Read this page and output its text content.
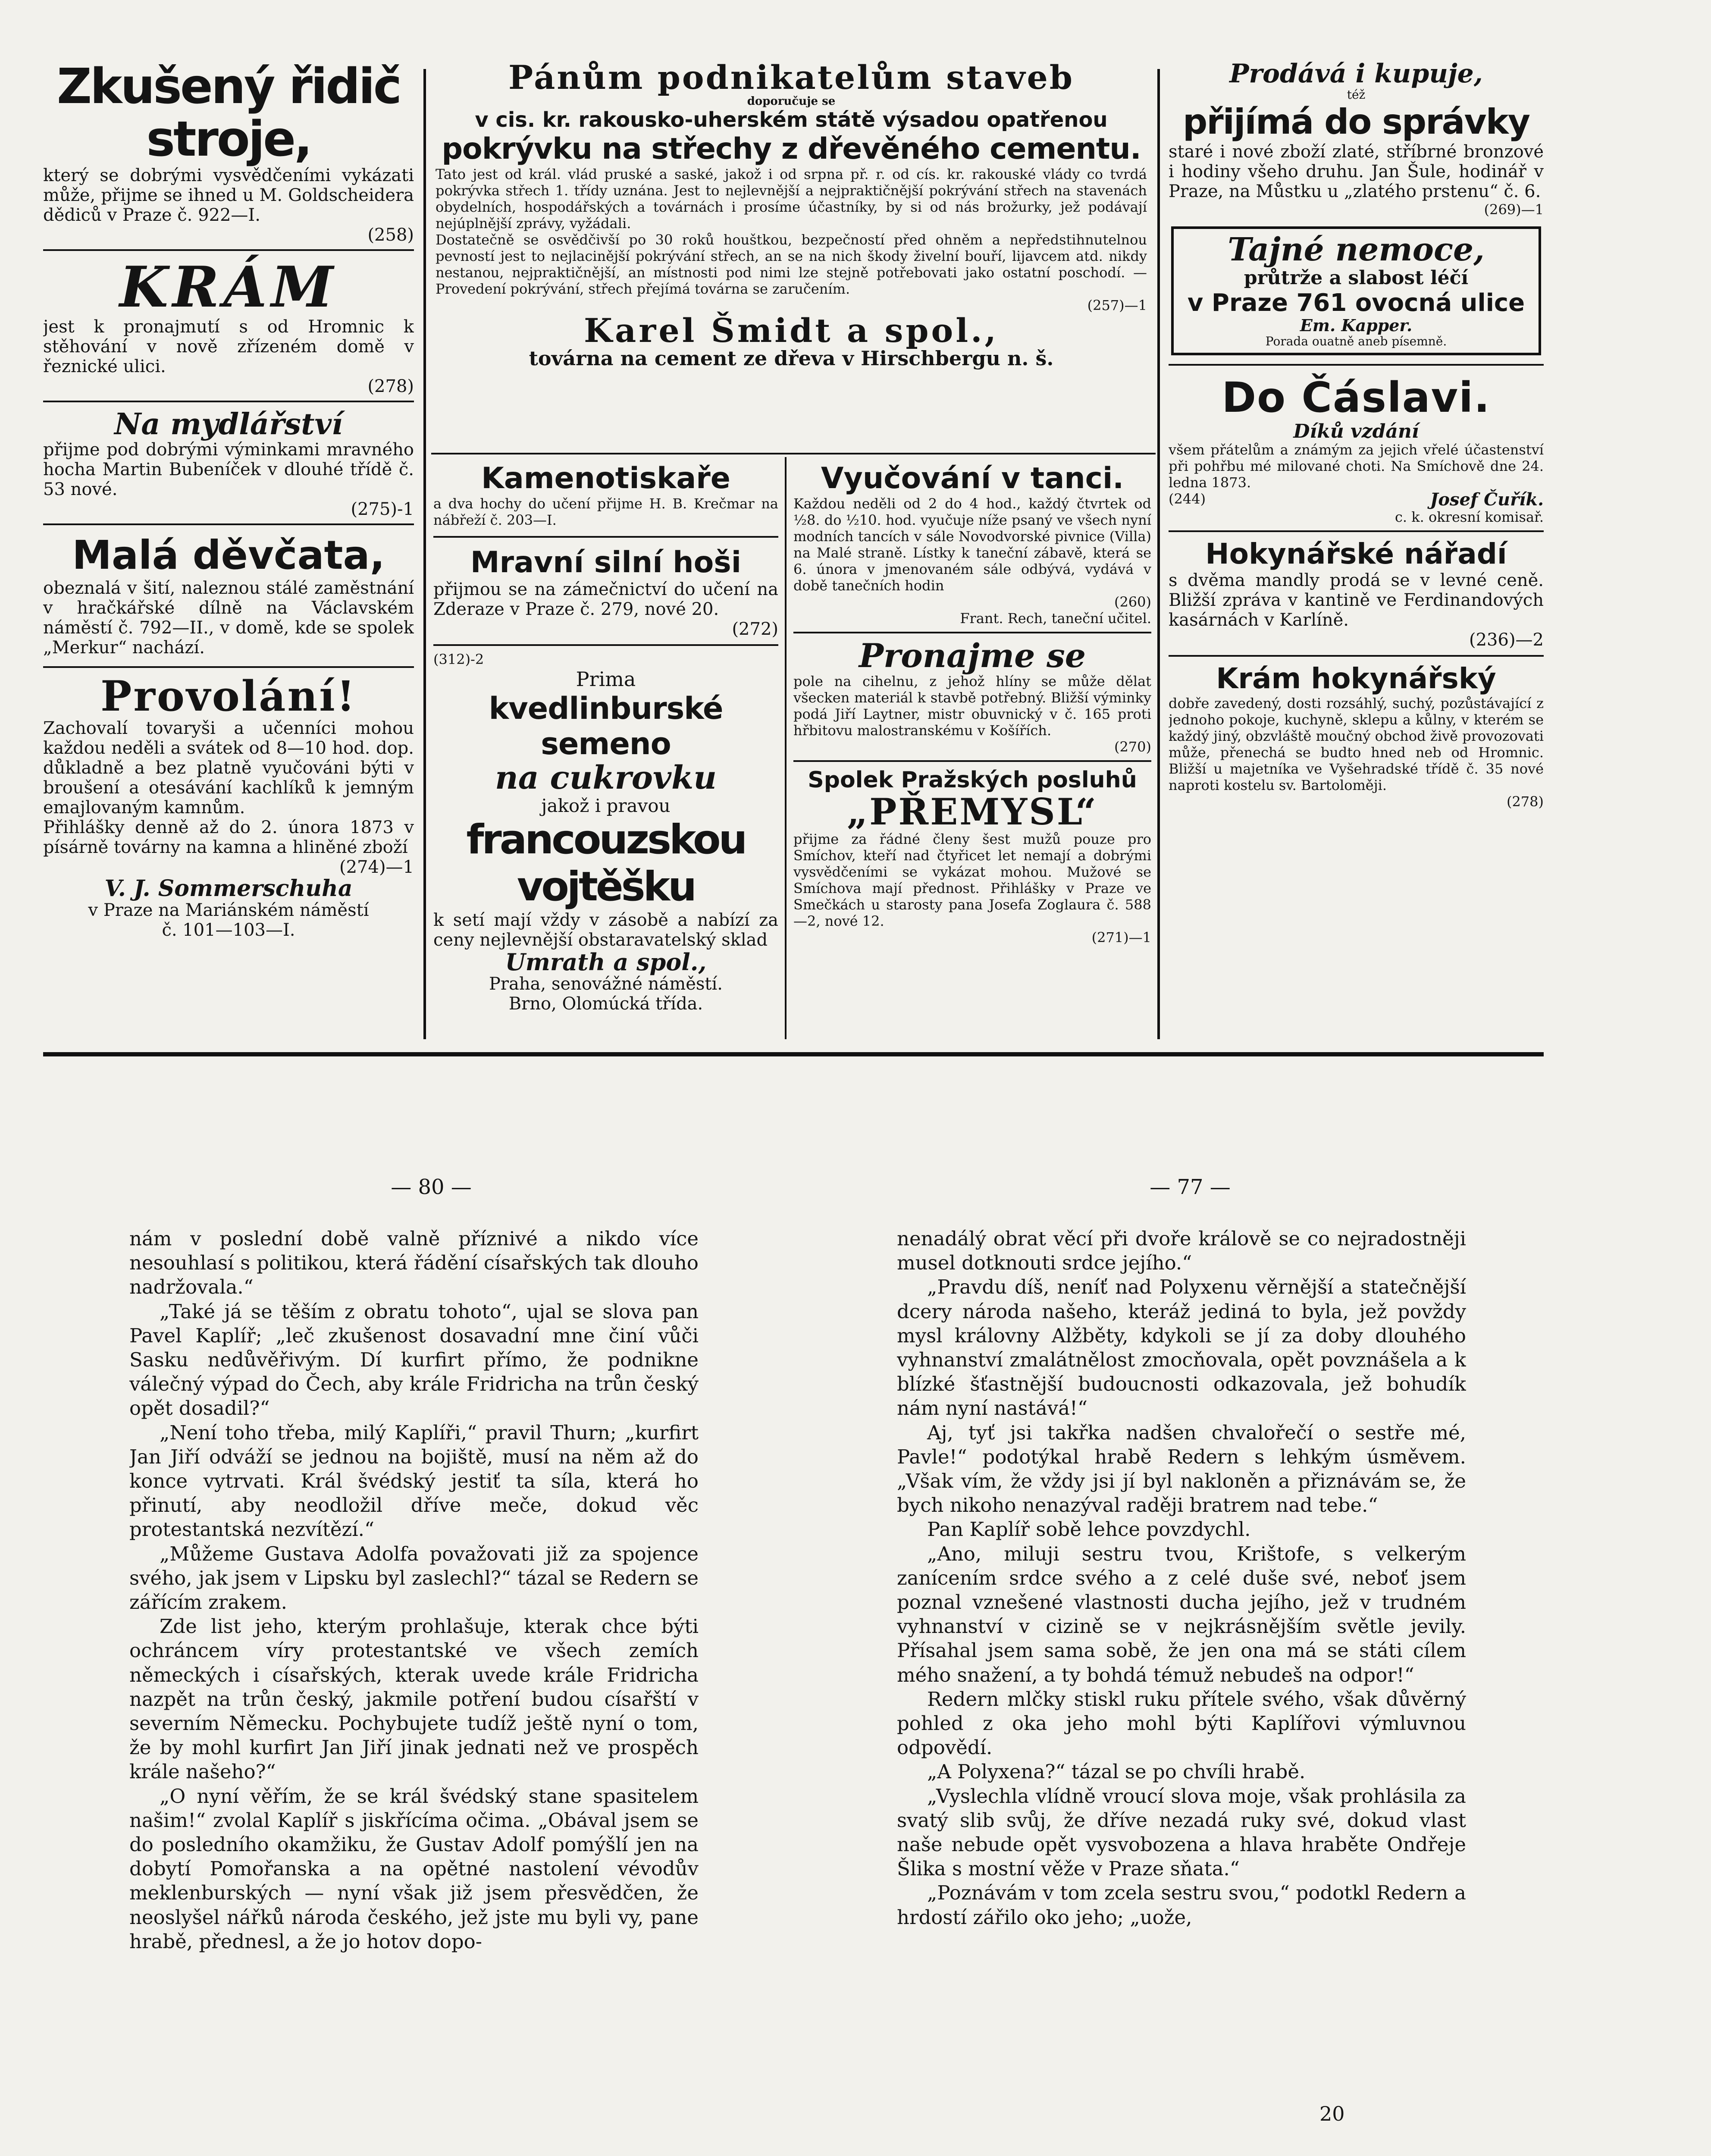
Zkušený řidič stroje,

který se dobrými vysvědčeními vykázati může, přijme se ihned u M. Goldscheidera dědiců v Praze č. 922—I.

(258)

KRÁM

jest k pronajmutí s od Hromnic k stěhování v nově zřízeném domě v řeznické ulici.

(278)

Na mydlářství

přijme pod dobrými výminkami mravného hocha Martin Bubeníček v dlouhé třídě č. 53 nové.

(275)-1

Malá děvčata,

obeznalá v šití, naleznou stálé zaměstnání v hračkářské dílně na Václavském náměstí č. 792—II., v domě, kde se spolek „Merkur“ nachází.

Provolání!

Zachovalí tovaryši a učenníci mohou každou neděli a svátek od 8—10 hod. dop. důkladně a bez platně vyučováni býti v broušení a otesávání kachlíků k jemným emajlovaným kamnům.

Přihlášky denně až do 2. února 1873 v písárně továrny na kamna a hliněné zboží

(274)—1

V. J. Sommerschuha

v Praze na Mariánském náměstí

č. 101—103—I.

Pánům podnikatelům staveb
doporučuje se
v cis. kr. rakousko-uherském státě výsadou opatřenou
pokrývku na střechy z dřevěného cementu.

Tato jest od král. vlád pruské a saské, jakož i od srpna př. r. od cís. kr. rakouské vlády co tvrdá pokrývka střech 1. třídy uznána. Jest to nejlevnější a nejpraktičnější pokrývání střech na stavenách obydelních, hospodářských a továrnách i prosíme účastníky, by si od nás brožurky, jež podávají nejúplnější zprávy, vyžádali.

Dostatečně se osvědčivší po 30 roků houštkou, bezpečností před ohněm a nepředstihnutelnou pevností jest to nejlacinější pokrývání střech, an se na nich škody živelní bouří, lijavcem atd. nikdy nestanou, nejpraktičnější, an místnosti pod nimi lze stejně potřebovati jako ostatní poschodí. — Provedení pokrývání, střech přejímá továrna se zaručením.

(257)—1

Karel Šmidt a spol.,
továrna na cement ze dřeva v Hirschbergu n. š.
Kamenotiskaře

a dva hochy do učení přijme H. B. Krečmar na nábřeží č. 203—I.

Mravní silní hoši

přijmou se na zámečnictví do učení na Zderaze v Praze č. 279, nové 20.

(272)

(312)-2

Prima
kvedlinburské semeno
na cukrovku
jakož i pravou
francouzskou vojtěšku

k setí mají vždy v zásobě a nabízí za ceny nejlevnější obstaravatelský sklad

Umrath a spol.,

Praha, senovážné náměstí.

Brno, Olomúcká třída.

Vyučování v tanci.

Každou neděli od 2 do 4 hod., každý čtvrtek od ½8. do ½10. hod. vyučuje níže psaný ve všech nyní modních tancích v sále Novodvorské pivnice (Villa) na Malé straně. Lístky k taneční zábavě, která se 6. února v jmenovaném sále odbývá, vydává v době tanečních hodin

(260)

Frant. Rech, taneční učitel.

Pronajme se

pole na cihelnu, z jehož hlíny se může dělat všecken materiál k stavbě potřebný. Bližší výminky podá Jiří Laytner, mistr obuvnický v č. 165 proti hřbitovu malostranskému v Košířích.

(270)

Spolek Pražských posluhů
„PŘEMYSL“

přijme za řádné členy šest mužů pouze pro Smíchov, kteří nad čtyřicet let nemají a dobrými vysvědčeními se vykázat mohou. Mužové se Smíchova mají přednost. Přihlášky v Praze ve Smečkách u starosty pana Josefa Zoglaura č. 588—2, nové 12.

(271)—1

Prodává i kupuje,
též
přijímá do správky

staré i nové zboží zlaté, stříbrné bronzové i hodiny všeho druhu. Jan Šule, hodinář v Praze, na Můstku u „zlatého prstenu“ č. 6.

(269)—1

Tajné nemoce,
průtrže a slabost léčí
v Praze 761 ovocná ulice
Em. Kapper.
Porada ouatně aneb písemně.
Do Čáslavi.
Díků vzdání

všem přátelům a známým za jejich vřelé účastenství při pohřbu mé milované choti. Na Smíchově dne 24. ledna 1873.

(244)	Josef Čuřík.
c. k. okresní komisař.
Hokynářské nářadí

s dvěma mandly prodá se v levné ceně. Bližší zpráva v kantině ve Ferdinandových kasárnách v Karlíně.

(236)—2

Krám hokynářský

dobře zavedený, dosti rozsáhlý, suchý, pozůstávající z jednoho pokoje, kuchyně, sklepu a kůlny, v kterém se každý jiný, obzvláště moučný obchod živě provozovati může, přenechá se budto hned neb od Hromnic. Bližší u majetníka ve Vyšehradské třídě č. 35 nové naproti kostelu sv. Bartoloměji.

(278)

— 80 —	— 77 —

nám v poslední době valně příznivé a nikdo více nesouhlasí s politikou, která řádění císařských tak dlouho nadržovala.“

„Také já se těším z obratu tohoto“, ujal se slova pan Pavel Kaplíř; „leč zkušenost dosavadní mne činí vůči Sasku nedůvěřivým. Dí kurfirt přímo, že podnikne válečný výpad do Čech, aby krále Fridricha na trůn český opět dosadil?“

„Není toho třeba, milý Kaplíři,“ pravil Thurn; „kurfirt Jan Jiří odváží se jednou na bojiště, musí na něm až do konce vytrvati. Král švédský jestiť ta síla, která ho přinutí, aby neodložil dříve meče, dokud věc protestantská nezvítězí.“

„Můžeme Gustava Adolfa považovati již za spojence svého, jak jsem v Lipsku byl zaslechl?“ tázal se Redern se zářícím zrakem.

Zde list jeho, kterým prohlašuje, kterak chce býti ochráncem víry protestantské ve všech zemích německých i císařských, kterak uvede krále Fridricha nazpět na trůn český, jakmile potření budou císařští v severním Německu. Pochybujete tudíž ještě nyní o tom, že by mohl kurfirt Jan Jiří jinak jednati než ve prospěch krále našeho?“

„O nyní věřím, že se král švédský stane spasitelem našim!“ zvolal Kaplíř s jiskřícíma očima. „Obával jsem se do posledního okamžiku, že Gustav Adolf pomýšlí jen na dobytí Pomořanska a na opětné nastolení vévodův meklenburských — nyní však již jsem přesvědčen, že neoslyšel nářků národa českého, jež jste mu byli vy, pane hrabě, přednesl, a že jo hotov dopo-

nenadálý obrat věcí při dvoře králově se co nejradostněji musel dotknouti srdce jejího.“

„Pravdu díš, neníť nad Polyxenu věrnější a statečnější dcery národa našeho, kteráž jediná to byla, jež povždy mysl královny Alžběty, kdykoli se jí za doby dlouhého vyhnanství zmalátnělost zmocňovala, opět povznášela a k blízké šťastnější budoucnosti odkazovala, jež bohudík nám nyní nastává!“

Aj, tyť jsi takřka nadšen chvalořečí o sestře mé, Pavle!“ podotýkal hrabě Redern s lehkým úsměvem. „Však vím, že vždy jsi jí byl nakloněn a přiznávám se, že bych nikoho nenazýval raději bratrem nad tebe.“

Pan Kaplíř sobě lehce povzdychl.

„Ano, miluji sestru tvou, Krištofe, s velkerým zanícením srdce svého a z celé duše své, neboť jsem poznal vznešené vlastnosti ducha jejího, jež v trudném vyhnanství v cizině se v nejkrásnějším světle jevily. Přísahal jsem sama sobě, že jen ona má se státi cílem mého snažení, a ty bohdá témuž nebudeš na odpor!“

Redern mlčky stiskl ruku přítele svého, však důvěrný pohled z oka jeho mohl býti Kaplířovi výmluvnou odpovědí.

„A Polyxena?“ tázal se po chvíli hrabě.

„Vyslechla vlídně vroucí slova moje, však prohlásila za svatý slib svůj, že dříve nezadá ruky své, dokud vlast naše nebude opět vysvobozena a hlava hraběte Ondřeje Šlika s mostní věže v Praze sňata.“

„Poznávám v tom zcela sestru svou,“ podotkl Redern a hrdostí zářilo oko jeho; „uože,

20
